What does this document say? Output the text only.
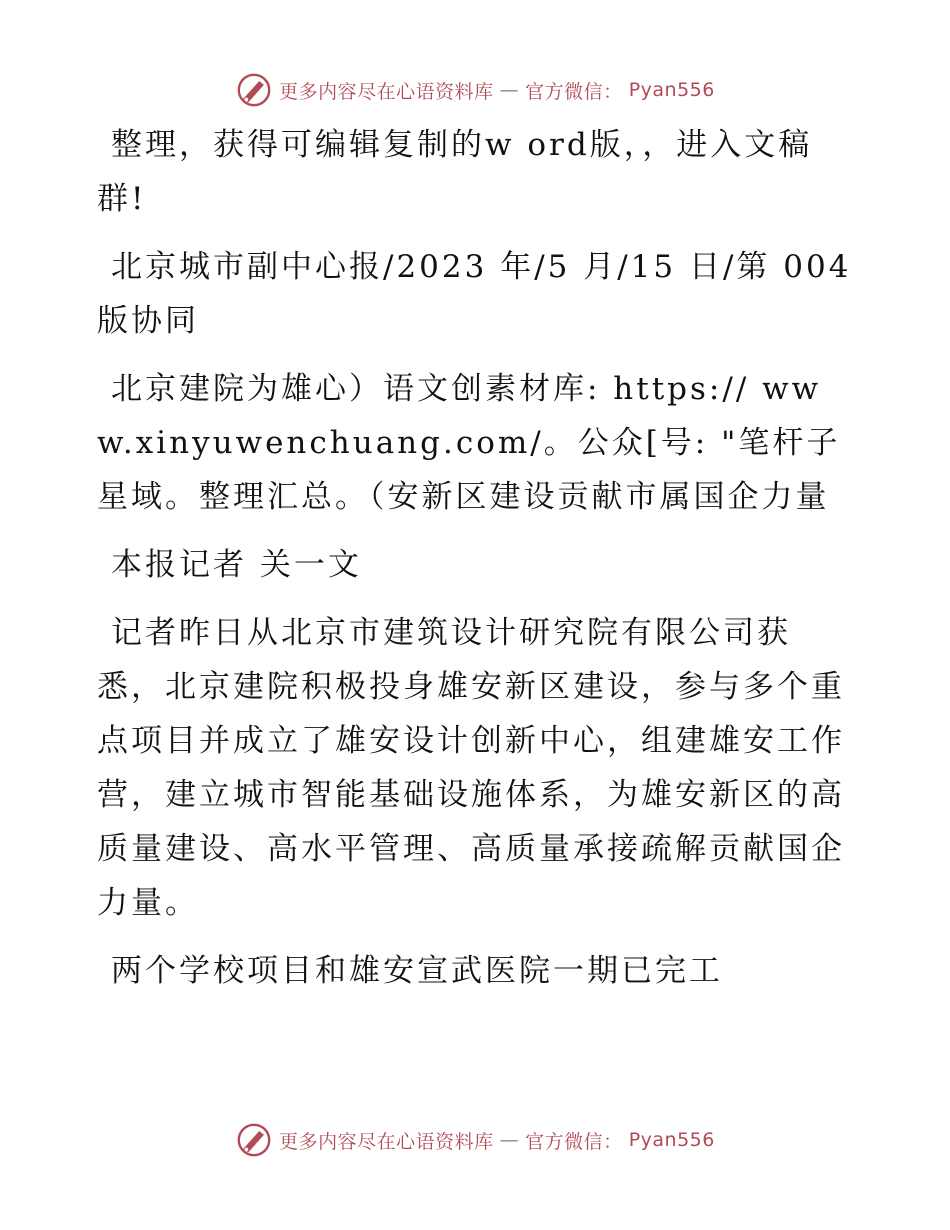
更多内容尽在心语资料库 — 官方微信： Pyan556

整理，获得可编辑复制的w ord版，，进入文稿群!

北京城市副中心报/2023 年/5 月/15 日/第 004 版协同

北京建院为雄心）语文创素材库: https:// www.xinyuwenchuang.com/。公众[号: "笔杆子星域。整理汇总。（安新区建设贡献市属国企力量

本报记者 关一文

记者昨日从北京市建筑设计研究院有限公司获悉，北京建院积极投身雄安新区建设，参与多个重点项目并成立了雄安设计创新中心，组建雄安工作营，建立城市智能基础设施体系，为雄安新区的高质量建设、高水平管理、高质量承接疏解贡献国企力量。

两个学校项目和雄安宣武医院一期已完工

更多内容尽在心语资料库 — 官方微信： Pyan556
